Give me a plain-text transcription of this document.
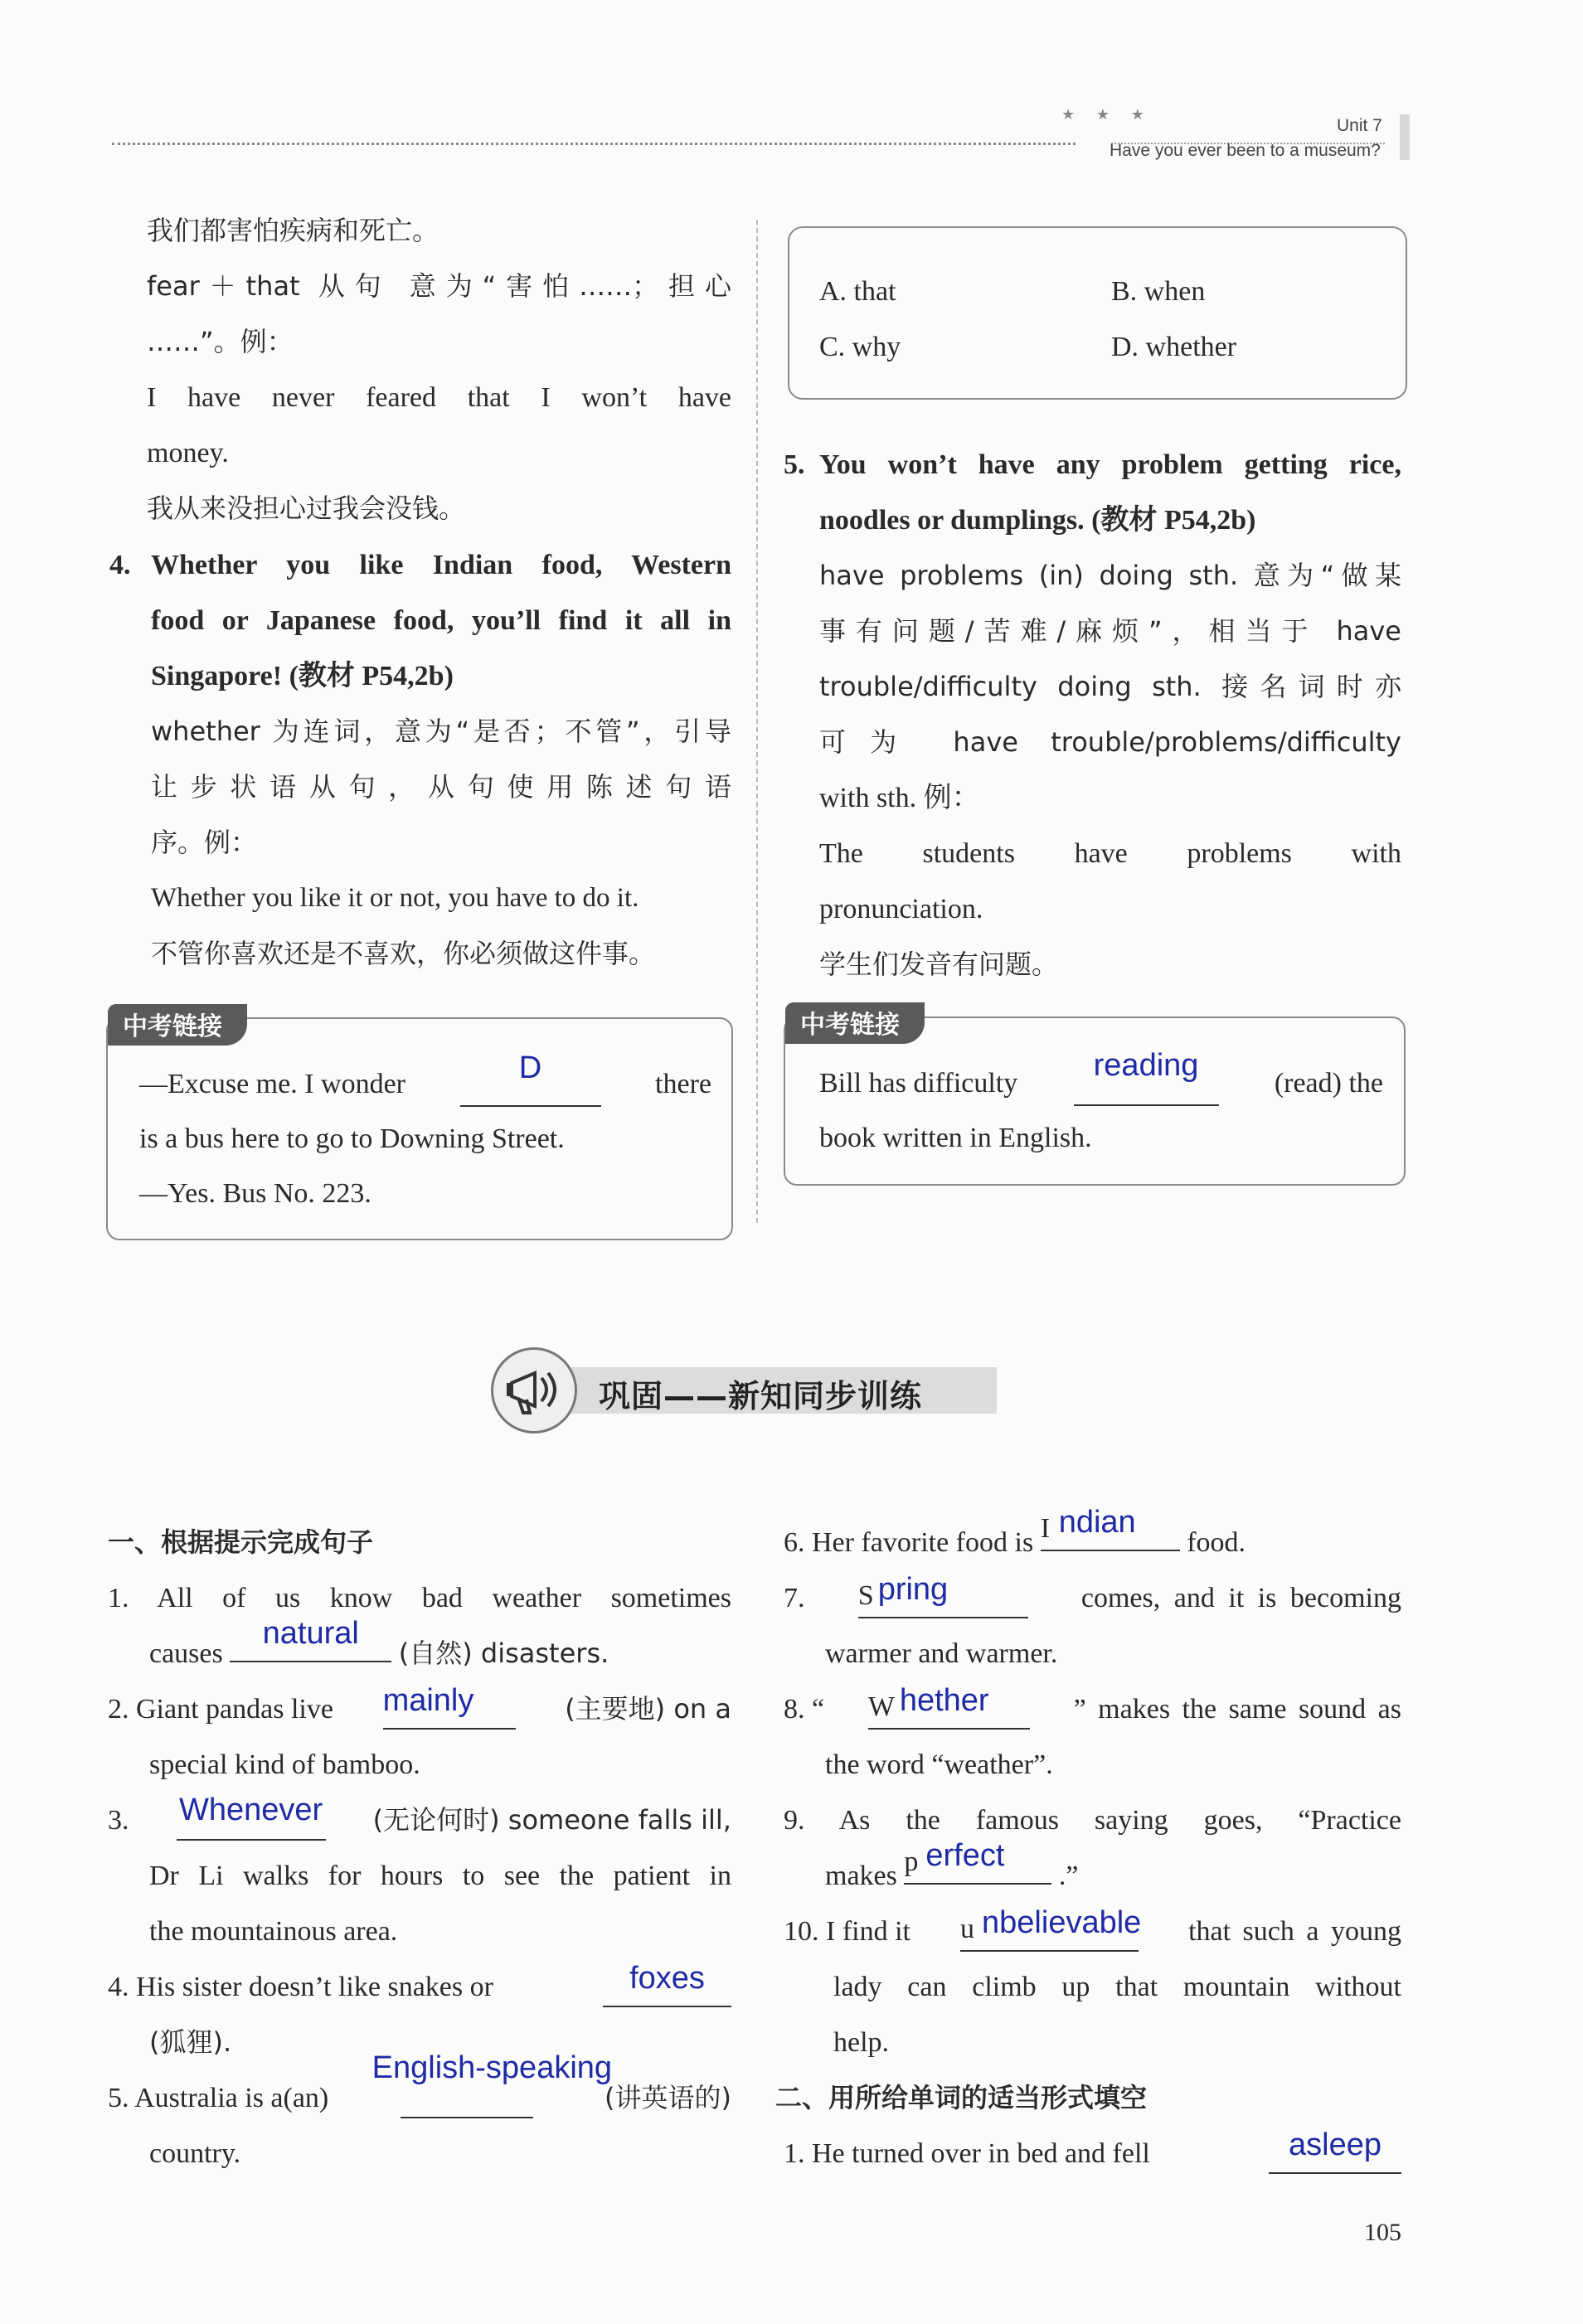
★ ★ ★
Unit 7
Have you ever been to a museum?

我们都害怕疾病和死亡。

fear＋that 从句 意为“害怕……；担心

……”。例：

I have never feared that I won’t have

money.

我从来没担心过我会没钱。

4. Whether you like Indian food, Western

food or Japanese food, you’ll find it all in

Singapore! (教材 P54,2b)

whether 为连词，意为“是否；不管”，引导

让步状语从句，从句使用陈述句语

序。例：

Whether you like it or not, you have to do it.

不管你喜欢还是不喜欢，你必须做这件事。

中考链接
—Excuse me. I wonder	D	there
is a bus here to go to Downing Street.
—Yes. Bus No. 223.
A. that	B. when
C. why	D. whether

5. You won’t have any problem getting rice,

noodles or dumplings. (教材 P54,2b)

have problems (in) doing sth. 意为“做某

事有问题/苦难/麻烦”，相当于 have

trouble/difficulty doing sth. 接名词时亦

可为 have trouble/problems/difficulty

with sth. 例：

The students have problems with

pronunciation.

学生们发音有问题。

中考链接
Bill has difficulty
reading
(read) the
book written in English.
巩固——新知同步训练

一、根据提示完成句子

1. All of us know bad weather sometimes

causes
natural
(自然) disasters.

2. Giant pandas live mainly	(主要地) on a

special kind of bamboo.

3. Whenever (无论何时) someone falls ill,

Dr Li walks for hours to see the patient in

the mountainous area.

4. His sister doesn’t like snakes or	foxes

(狐狸).

5. Australia is a(an)
English-speaking
(讲英语的)

country.

6. Her favorite food is I ndian
food.

7. S pring	comes, and it is becoming

warmer and warmer.

8. “ W hether	” makes the same sound as

the word “weather”.

9. As the famous saying goes, “Practice

makes p erfect
.”

10. I find it u nbelievable that such a young

lady can climb up that mountain without

help.

二、用所给单词的适当形式填空

1. He turned over in bed and fell	asleep

105
